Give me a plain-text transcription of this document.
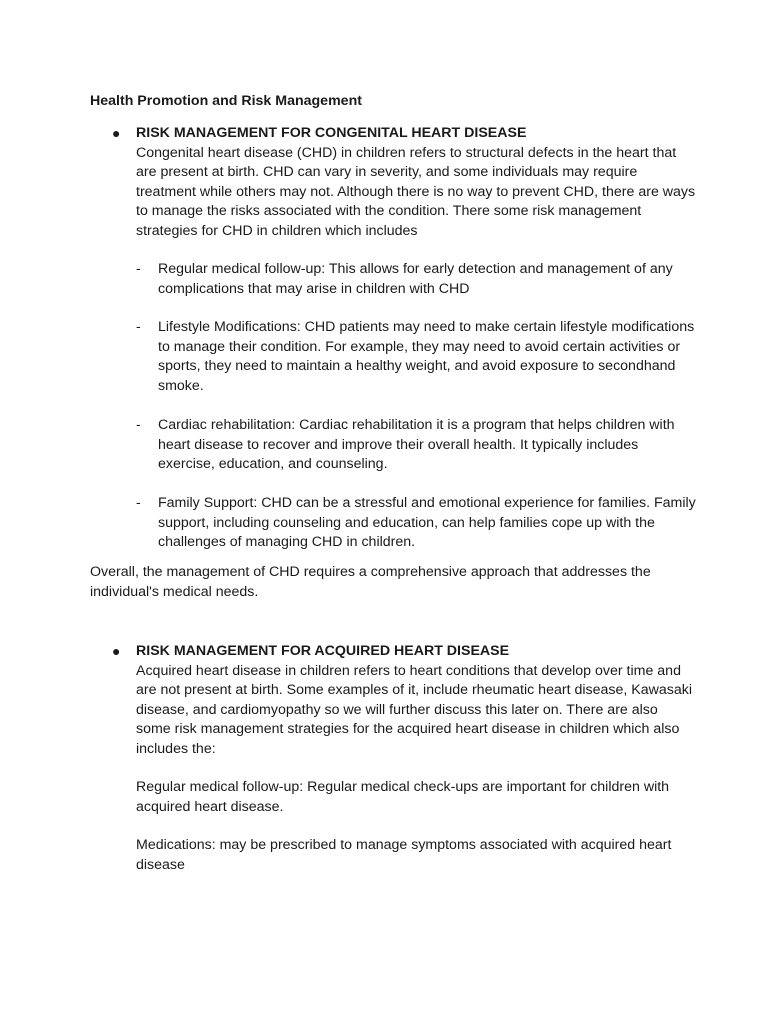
Health Promotion and Risk Management
● RISK MANAGEMENT FOR CONGENITAL HEART DISEASE
Congenital heart disease (CHD) in children refers to structural defects in the heart that are present at birth. CHD can vary in severity, and some individuals may require treatment while others may not. Although there is no way to prevent CHD, there are ways to manage the risks associated with the condition. There some risk management strategies for CHD in children which includes
- Regular medical follow-up: This allows for early detection and management of any complications that may arise in children with CHD
- Lifestyle Modifications: CHD patients may need to make certain lifestyle modifications to manage their condition. For example, they may need to avoid certain activities or sports, they need to maintain a healthy weight, and avoid exposure to secondhand smoke.
- Cardiac rehabilitation: Cardiac rehabilitation it is a program that helps children with heart disease to recover and improve their overall health. It typically includes exercise, education, and counseling.
- Family Support: CHD can be a stressful and emotional experience for families. Family support, including counseling and education, can help families cope up with the challenges of managing CHD in children.
Overall, the management of CHD requires a comprehensive approach that addresses the individual's medical needs.
● RISK MANAGEMENT FOR ACQUIRED HEART DISEASE
Acquired heart disease in children refers to heart conditions that develop over time and are not present at birth. Some examples of it, include rheumatic heart disease, Kawasaki disease, and cardiomyopathy so we will further discuss this later on. There are also some risk management strategies for the acquired heart disease in children which also includes the:
Regular medical follow-up: Regular medical check-ups are important for children with acquired heart disease.
Medications: may be prescribed to manage symptoms associated with acquired heart disease
